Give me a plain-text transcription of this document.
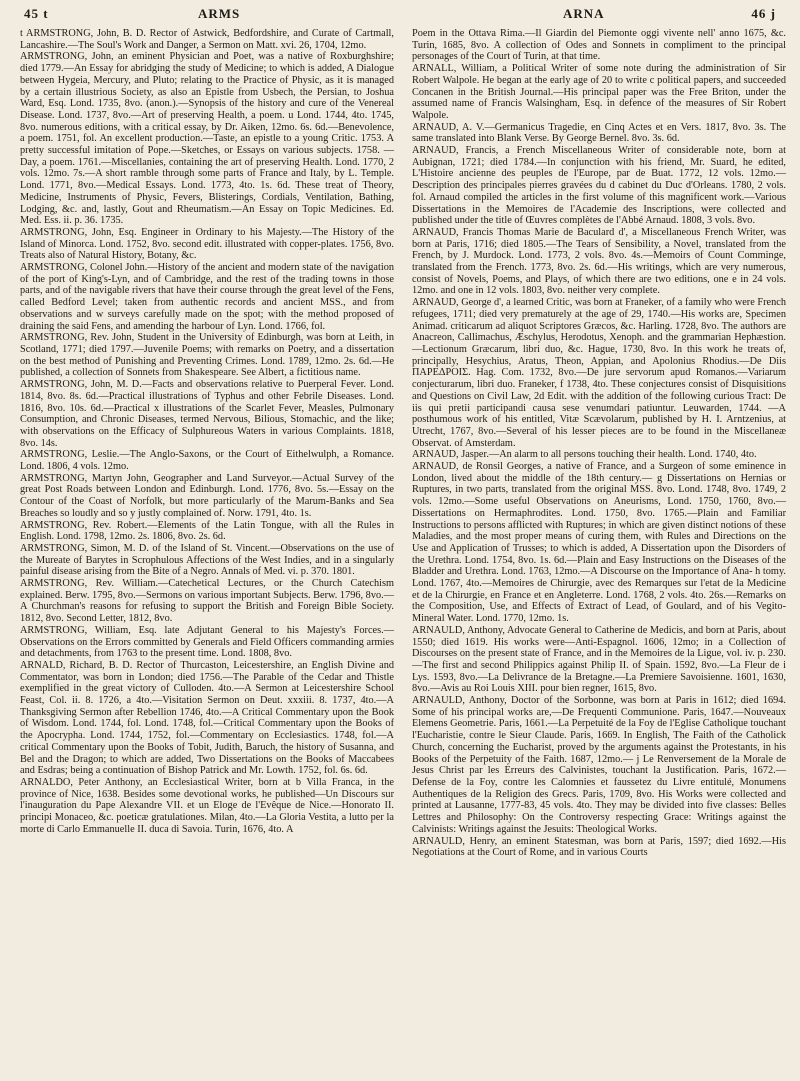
45 t	ARMS	ARNA	46 j

t ARMSTRONG, John, B. D. Rector of Astwick, Bedfordshire, and Curate of Cartmall, Lancashire.—The Soul's Work and Danger, a Sermon on Matt. xvi. 26, 1704, 12mo.

ARMSTRONG, John, an eminent Physician and Poet, was a native of Roxburghshire; died 1779.—An Essay for abridging the study of Medicine; to which is added, A Dialogue between Hygeia, Mercury, and Pluto; relating to the Practice of Physic, as it is managed by a certain illustrious Society, as also an Epistle from Usbech, the Persian, to Joshua Ward, Esq. Lond. 1735, 8vo. (anon.).—Synopsis of the history and cure of the Venereal Disease. Lond. 1737, 8vo.—Art of preserving Health, a poem. u Lond. 1744, 4to. 1745, 8vo. numerous editions, with a critical essay, by Dr. Aiken, 12mo. 6s. 6d.—Benevolence, a poem. 1751, fol. An excellent production.—Taste, an epistle to a young Critic. 1753. A pretty successful imitation of Pope.—Sketches, or Essays on various subjects. 1758. —Day, a poem. 1761.—Miscellanies, containing the art of preserving Health. Lond. 1770, 2 vols. 12mo. 7s.—A short ramble through some parts of France and Italy, by L. Temple. Lond. 1771, 8vo.—Medical Essays. Lond. 1773, 4to. 1s. 6d. These treat of Theory, Medicine, Instruments of Physic, Fevers, Blisterings, Cordials, Ventilation, Bathing, Lodging, &c. and, lastly, Gout and Rheumatism.—An Essay on Topic Medicines. Ed. Med. Ess. ii. p. 36. 1735.

ARMSTRONG, John, Esq. Engineer in Ordinary to his Majesty.—The History of the Island of Minorca. Lond. 1752, 8vo. second edit. illustrated with copper-plates. 1756, 8vo. Treats also of Natural History, Botany, &c.

ARMSTRONG, Colonel John.—History of the ancient and modern state of the navigation of the port of King's-Lyn, and of Cambridge, and the rest of the trading towns in those parts, and of the navigable rivers that have their course through the great level of the Fens, called Bedford Level; taken from authentic records and ancient MSS., and from observations and w surveys carefully made on the spot; with the method proposed of draining the said Fens, and amending the harbour of Lyn. Lond. 1766, fol.

ARMSTRONG, Rev. John, Student in the University of Edinburgh, was born at Leith, in Scotland, 1771; died 1797.—Juvenile Poems; with remarks on Poetry, and a dissertation on the best method of Punishing and Preventing Crimes. Lond. 1789, 12mo. 2s. 6d.—He published, a collection of Sonnets from Shakespeare. See Albert, a fictitious name.

ARMSTRONG, John, M. D.—Facts and observations relative to Puerperal Fever. Lond. 1814, 8vo. 8s. 6d.—Practical illustrations of Typhus and other Febrile Diseases. Lond. 1816, 8vo. 10s. 6d.—Practical x illustrations of the Scarlet Fever, Measles, Pulmonary Consumption, and Chronic Diseases, termed Nervous, Bilious, Stomachic, and the like; with observations on the Efficacy of Sulphureous Waters in various Complaints. 1818, 8vo. 14s.

ARMSTRONG, Leslie.—The Anglo-Saxons, or the Court of Eithelwulph, a Romance. Lond. 1806, 4 vols. 12mo.

ARMSTRONG, Martyn John, Geographer and Land Surveyor.—Actual Survey of the great Post Roads between London and Edinburgh. Lond. 1776, 8vo. 5s.—Essay on the Contour of the Coast of Norfolk, but more particularly of the Marum-Banks and Sea Breaches so loudly and so y justly complained of. Norw. 1791, 4to. 1s.

ARMSTRONG, Rev. Robert.—Elements of the Latin Tongue, with all the Rules in English. Lond. 1798, 12mo. 2s. 1806, 8vo. 2s. 6d.

ARMSTRONG, Simon, M. D. of the Island of St. Vincent.—Observations on the use of the Mureate of Barytes in Scrophulous Affections of the West Indies, and in a singularly painful disease arising from the Bite of a Negro. Annals of Med. vi. p. 370. 1801.

ARMSTRONG, Rev. William.—Catechetical Lectures, or the Church Catechism explained. Berw. 1795, 8vo.—Sermons on various important Subjects. Berw. 1796, 8vo.—A Churchman's reasons for refusing to support the British and Foreign Bible Society. 1812, 8vo. Second Letter, 1812, 8vo.

ARMSTRONG, William, Esq. late Adjutant General to his Majesty's Forces.—Observations on the Errors committed by Generals and Field Officers commanding armies and detachments, from 1763 to the present time. Lond. 1808, 8vo.

ARNALD, Richard, B. D. Rector of Thurcaston, Leicestershire, an English Divine and Commentator, was born in London; died 1756.—The Parable of the Cedar and Thistle exemplified in the great victory of Culloden. 4to.—A Sermon at Leicestershire School Feast, Col. ii. 8. 1726, a 4to.—Visitation Sermon on Deut. xxxiii. 8. 1737, 4to.—A Thanksgiving Sermon after Rebellion 1746, 4to.—A Critical Commentary upon the Book of Wisdom. Lond. 1744, fol. Lond. 1748, fol.—Critical Commentary upon the Books of the Apocrypha. Lond. 1744, 1752, fol.—Commentary on Ecclesiastics. 1748, fol.—A critical Commentary upon the Books of Tobit, Judith, Baruch, the history of Susanna, and Bel and the Dragon; to which are added, Two Dissertations on the Books of Maccabees and Esdras; being a continuation of Bishop Patrick and Mr. Lowth. 1752, fol. 6s. 6d.

ARNALDO, Peter Anthony, an Ecclesiastical Writer, born at b Villa Franca, in the province of Nice, 1638. Besides some devotional works, he published—Un Discours sur l'inauguration du Pape Alexandre VII. et un Eloge de l'Evêque de Nice.—Honorato II. principi Monaceo, &c. poeticæ gratulationes. Milan, 4to.—La Gloria Vestita, a lutto per la morte di Carlo Emmanuelle II. duca di Savoia. Turin, 1676, 4to. A

Poem in the Ottava Rima.—Il Giardin del Piemonte oggi vivente nell' anno 1675, &c. Turin, 1685, 8vo. A collection of Odes and Sonnets in compliment to the principal personages of the Court of Turin, at that time.

ARNALL, William, a Political Writer of some note during the administration of Sir Robert Walpole. He began at the early age of 20 to write c political papers, and succeeded Concanen in the British Journal.—His principal paper was the Free Briton, under the assumed name of Francis Walsingham, Esq. in defence of the measures of Sir Robert Walpole.

ARNAUD, A. V.—Germanicus Tragedie, en Cinq Actes et en Vers. 1817, 8vo. 3s. The same translated into Blank Verse. By George Bernel. 8vo. 3s. 6d.

ARNAUD, Francis, a French Miscellaneous Writer of considerable note, born at Aubignan, 1721; died 1784.—In conjunction with his friend, Mr. Suard, he edited, L'Histoire ancienne des peuples de l'Europe, par de Buat. 1772, 12 vols. 12mo.—Description des principales pierres gravées du d cabinet du Duc d'Orleans. 1780, 2 vols. fol. Arnaud compiled the articles in the first volume of this magnificent work.—Various Dissertations in the Memoires de l'Academie des Inscriptions, were collected and published under the title of Œuvres complètes de l'Abbé Arnaud. 1808, 3 vols. 8vo.

ARNAUD, Francis Thomas Marie de Baculard d', a Miscellaneous French Writer, was born at Paris, 1716; died 1805.—The Tears of Sensibility, a Novel, translated from the French, by J. Murdock. Lond. 1773, 2 vols. 8vo. 4s.—Memoirs of Count Comminge, translated from the French. 1773, 8vo. 2s. 6d.—His writings, which are very numerous, consist of Novels, Poems, and Plays, of which there are two editions, one e in 24 vols. 12mo. and one in 12 vols. 1803, 8vo. neither very complete.

ARNAUD, George d', a learned Critic, was born at Franeker, of a family who were French refugees, 1711; died very prematurely at the age of 29, 1740.—His works are, Specimen Animad. criticarum ad aliquot Scriptores Græcos, &c. Harling. 1728, 8vo. The authors are Anacreon, Callimachus, Æschylus, Herodotus, Xenoph. and the grammarian Hephæstion.—Lectionum Græcarum, libri duo, &c. Hague, 1730, 8vo. In this work he treats of, principally, Hesychius, Aratus, Theon, Appian, and Apolonius Rhodius.—De Diis ΠΑΡΕΔΡΟΙΣ. Hag. Com. 1732, 8vo.—De jure servorum apud Romanos.—Variarum conjecturarum, libri duo. Franeker, f 1738, 4to. These conjectures consist of Disquisitions and Questions on Civil Law, 2d Edit. with the addition of the following curious Tract: De iis qui pretii participandi causa sese venumdari patiuntur. Leuwarden, 1744. —A posthumous work of his entitled, Vitæ Scævolarum, published by H. I. Arntzenius, at Utrecht, 1767, 8vo.—Several of his lesser pieces are to be found in the Miscellaneæ Observat. of Amsterdam.

ARNAUD, Jasper.—An alarm to all persons touching their health. Lond. 1740, 4to.

ARNAUD, de Ronsil Georges, a native of France, and a Surgeon of some eminence in London, lived about the middle of the 18th century.— g Dissertations on Hernias or Ruptures, in two parts, translated from the original MSS. 8vo. Lond. 1748, 8vo. 1749, 2 vols. 12mo.—Some useful Observations on Aneurisms, Lond. 1750, 1760, 8vo.—Dissertations on Hermaphrodites. Lond. 1750, 8vo. 1765.—Plain and Familiar Instructions to persons afflicted with Ruptures; in which are given distinct notions of these Maladies, and the most proper means of curing them, with Rules and Directions on the Use and Application of Trusses; to which is added, A Dissertation upon the Disorders of the Urethra. Lond. 1754, 8vo. 1s. 6d.—Plain and Easy Instructions on the Diseases of the Bladder and Urethra. Lond. 1763, 12mo.—A Discourse on the Importance of Ana- h tomy. Lond. 1767, 4to.—Memoires de Chirurgie, avec des Remarques sur l'etat de la Medicine et de la Chirurgie, en France et en Angleterre. Lond. 1768, 2 vols. 4to. 26s.—Remarks on the Composition, Use, and Effects of Extract of Lead, of Goulard, and of his Vegito-Mineral Water. Lond. 1770, 12mo. 1s.

ARNAULD, Anthony, Advocate General to Catherine de Medicis, and born at Paris, about 1550; died 1619. His works were—Anti-Espagnol. 1606, 12mo; in a Collection of Discourses on the present state of France, and in the Memoires de la Ligue, vol. iv. p. 230.—The first and second Philippics against Philip II. of Spain. 1592, 8vo.—La Fleur de i Lys. 1593, 8vo.—La Delivrance de la Bretagne.—La Premiere Savoisienne. 1601, 1630, 8vo.—Avis au Roi Louis XIII. pour bien regner, 1615, 8vo.

ARNAULD, Anthony, Doctor of the Sorbonne, was born at Paris in 1612; died 1694. Some of his principal works are,—De Frequenti Communione. Paris, 1647.—Nouveaux Elemens Geometrie. Paris, 1661.—La Perpetuité de la Foy de l'Eglise Catholique touchant l'Eucharistie, contre le Sieur Claude. Paris, 1669. In English, The Faith of the Catholick Church, concerning the Eucharist, proved by the arguments against the Protestants, in his Books of the Perpetuity of the Faith. 1687, 12mo.— j Le Renversement de la Morale de Jesus Christ par les Erreurs des Calvinistes, touchant la Justification. Paris, 1672.—Defense de la Foy, contre les Calomnies et faussetez du Livre entitulé, Monumens Authentiques de la Religion des Grecs. Paris, 1709, 8vo. His Works were collected and printed at Lausanne, 1777-83, 45 vols. 4to. They may be divided into five classes: Belles Lettres and Philosophy: On the Controversy respecting Grace: Writings against the Calvinists: Writings against the Jesuits: Theological Works.

ARNAULD, Henry, an eminent Statesman, was born at Paris, 1597; died 1692.—His Negotiations at the Court of Rome, and in various Courts
